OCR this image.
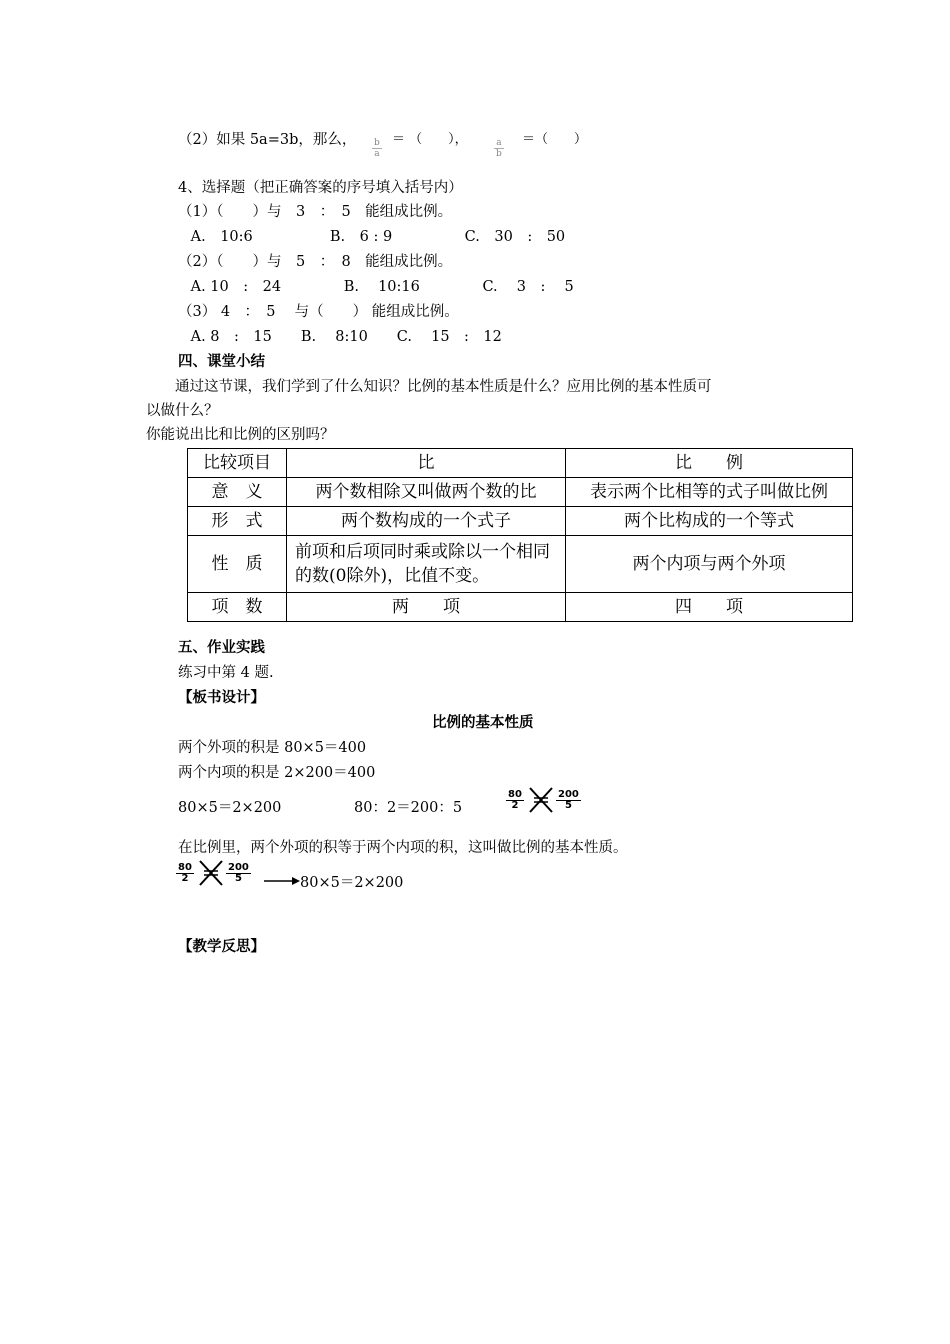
（2）如果 5a=3b，那么， $\frac{b}{a}$ ＝ （　　）， $\frac{a}{b}$ ＝（　　）
4、选择题（把正确答案的序号填入括号内）
（1）（　　）与　3　：　5　能组成比例。
A.　10:6　　　　　 B.　6 : 9　　　　　C.　30　:　50
（2）（　　）与　5　：　8　能组成比例。
A. 10　:　24　　　　 B.　 10:16　　　　 C.　 3　:　 5
（3） 4　：　5　 与（　　） 能组成比例。
A. 8　:　15　　B.　 8:10　　C.　 15　:　12
四、课堂小结
　　通过这节课，我们学到了什么知识？比例的基本性质是什么？应用比例的基本性质可
以做什么？
你能说出比和比例的区别吗？
比较项目	比	比　　例
意　义	两个数相除又叫做两个数的比	表示两个比相等的式子叫做比例
形　式	两个数构成的一个式子	两个比构成的一个等式
性　质	前项和后项同时乘或除以一个相同的数(0除外)，比值不变。	两个内项与两个外项
项　数	两　　项	四　　项
五、作业实践
练习中第 4 题.
【板书设计】
比例的基本性质
两个外项的积是 80×5＝400
两个内项的积是 2×200＝400
80×5＝2×200	80：2＝200：5	$\frac{80}{2}$	$\frac{200}{5}$
在比例里，两个外项的积等于两个内项的积，这叫做比例的基本性质。
$\frac{80}{2}$	$\frac{200}{5}$	80×5＝2×200
【教学反思】
